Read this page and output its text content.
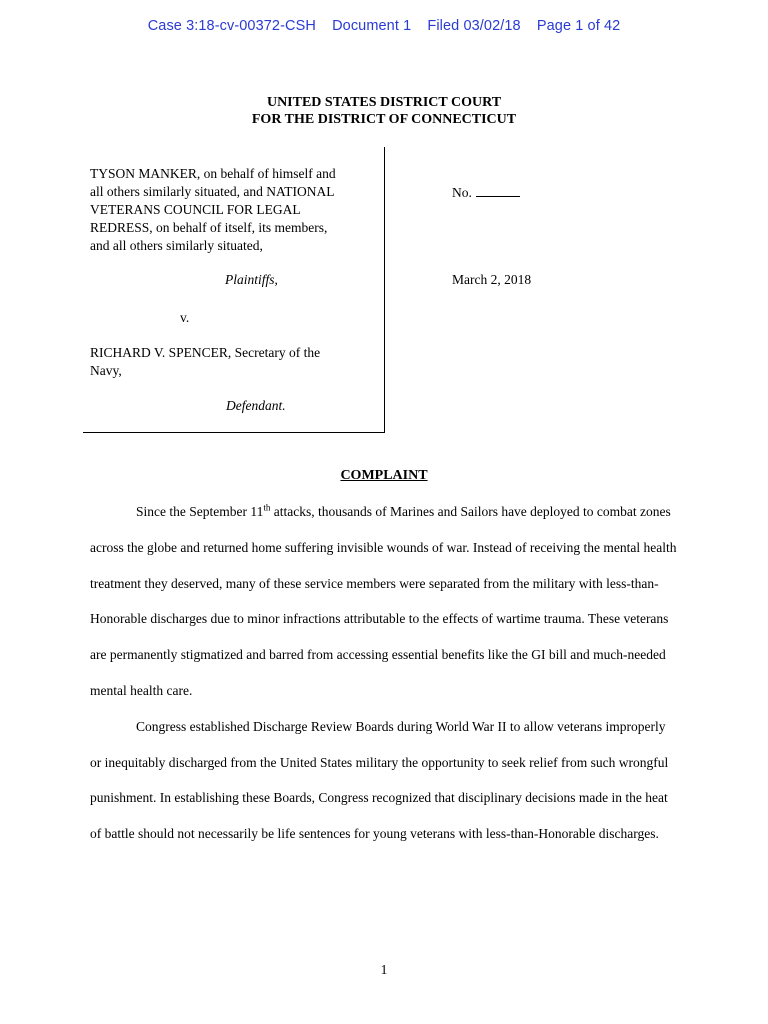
Case 3:18-cv-00372-CSH Document 1 Filed 03/02/18 Page 1 of 42
UNITED STATES DISTRICT COURT
FOR THE DISTRICT OF CONNECTICUT

TYSON MANKER, on behalf of himself and

all others similarly situated, and NATIONAL

VETERANS COUNCIL FOR LEGAL

REDRESS, on behalf of itself, its members,

and all others similarly situated,

Plaintiffs,
v.
RICHARD V. SPENCER, Secretary of the
Navy,
Defendant.
No.
March 2, 2018
COMPLAINT

Since the September 11th attacks, thousands of Marines and Sailors have deployed to combat zones across the globe and returned home suffering invisible wounds of war. Instead of receiving the mental health treatment they deserved, many of these service members were separated from the military with less-than-Honorable discharges due to minor infractions attributable to the effects of wartime trauma. These veterans are permanently stigmatized and barred from accessing essential benefits like the GI bill and much-needed mental health care.

Congress established Discharge Review Boards during World War II to allow veterans improperly or inequitably discharged from the United States military the opportunity to seek relief from such wrongful punishment. In establishing these Boards, Congress recognized that disciplinary decisions made in the heat of battle should not necessarily be life sentences for young veterans with less-than-Honorable discharges.

1
